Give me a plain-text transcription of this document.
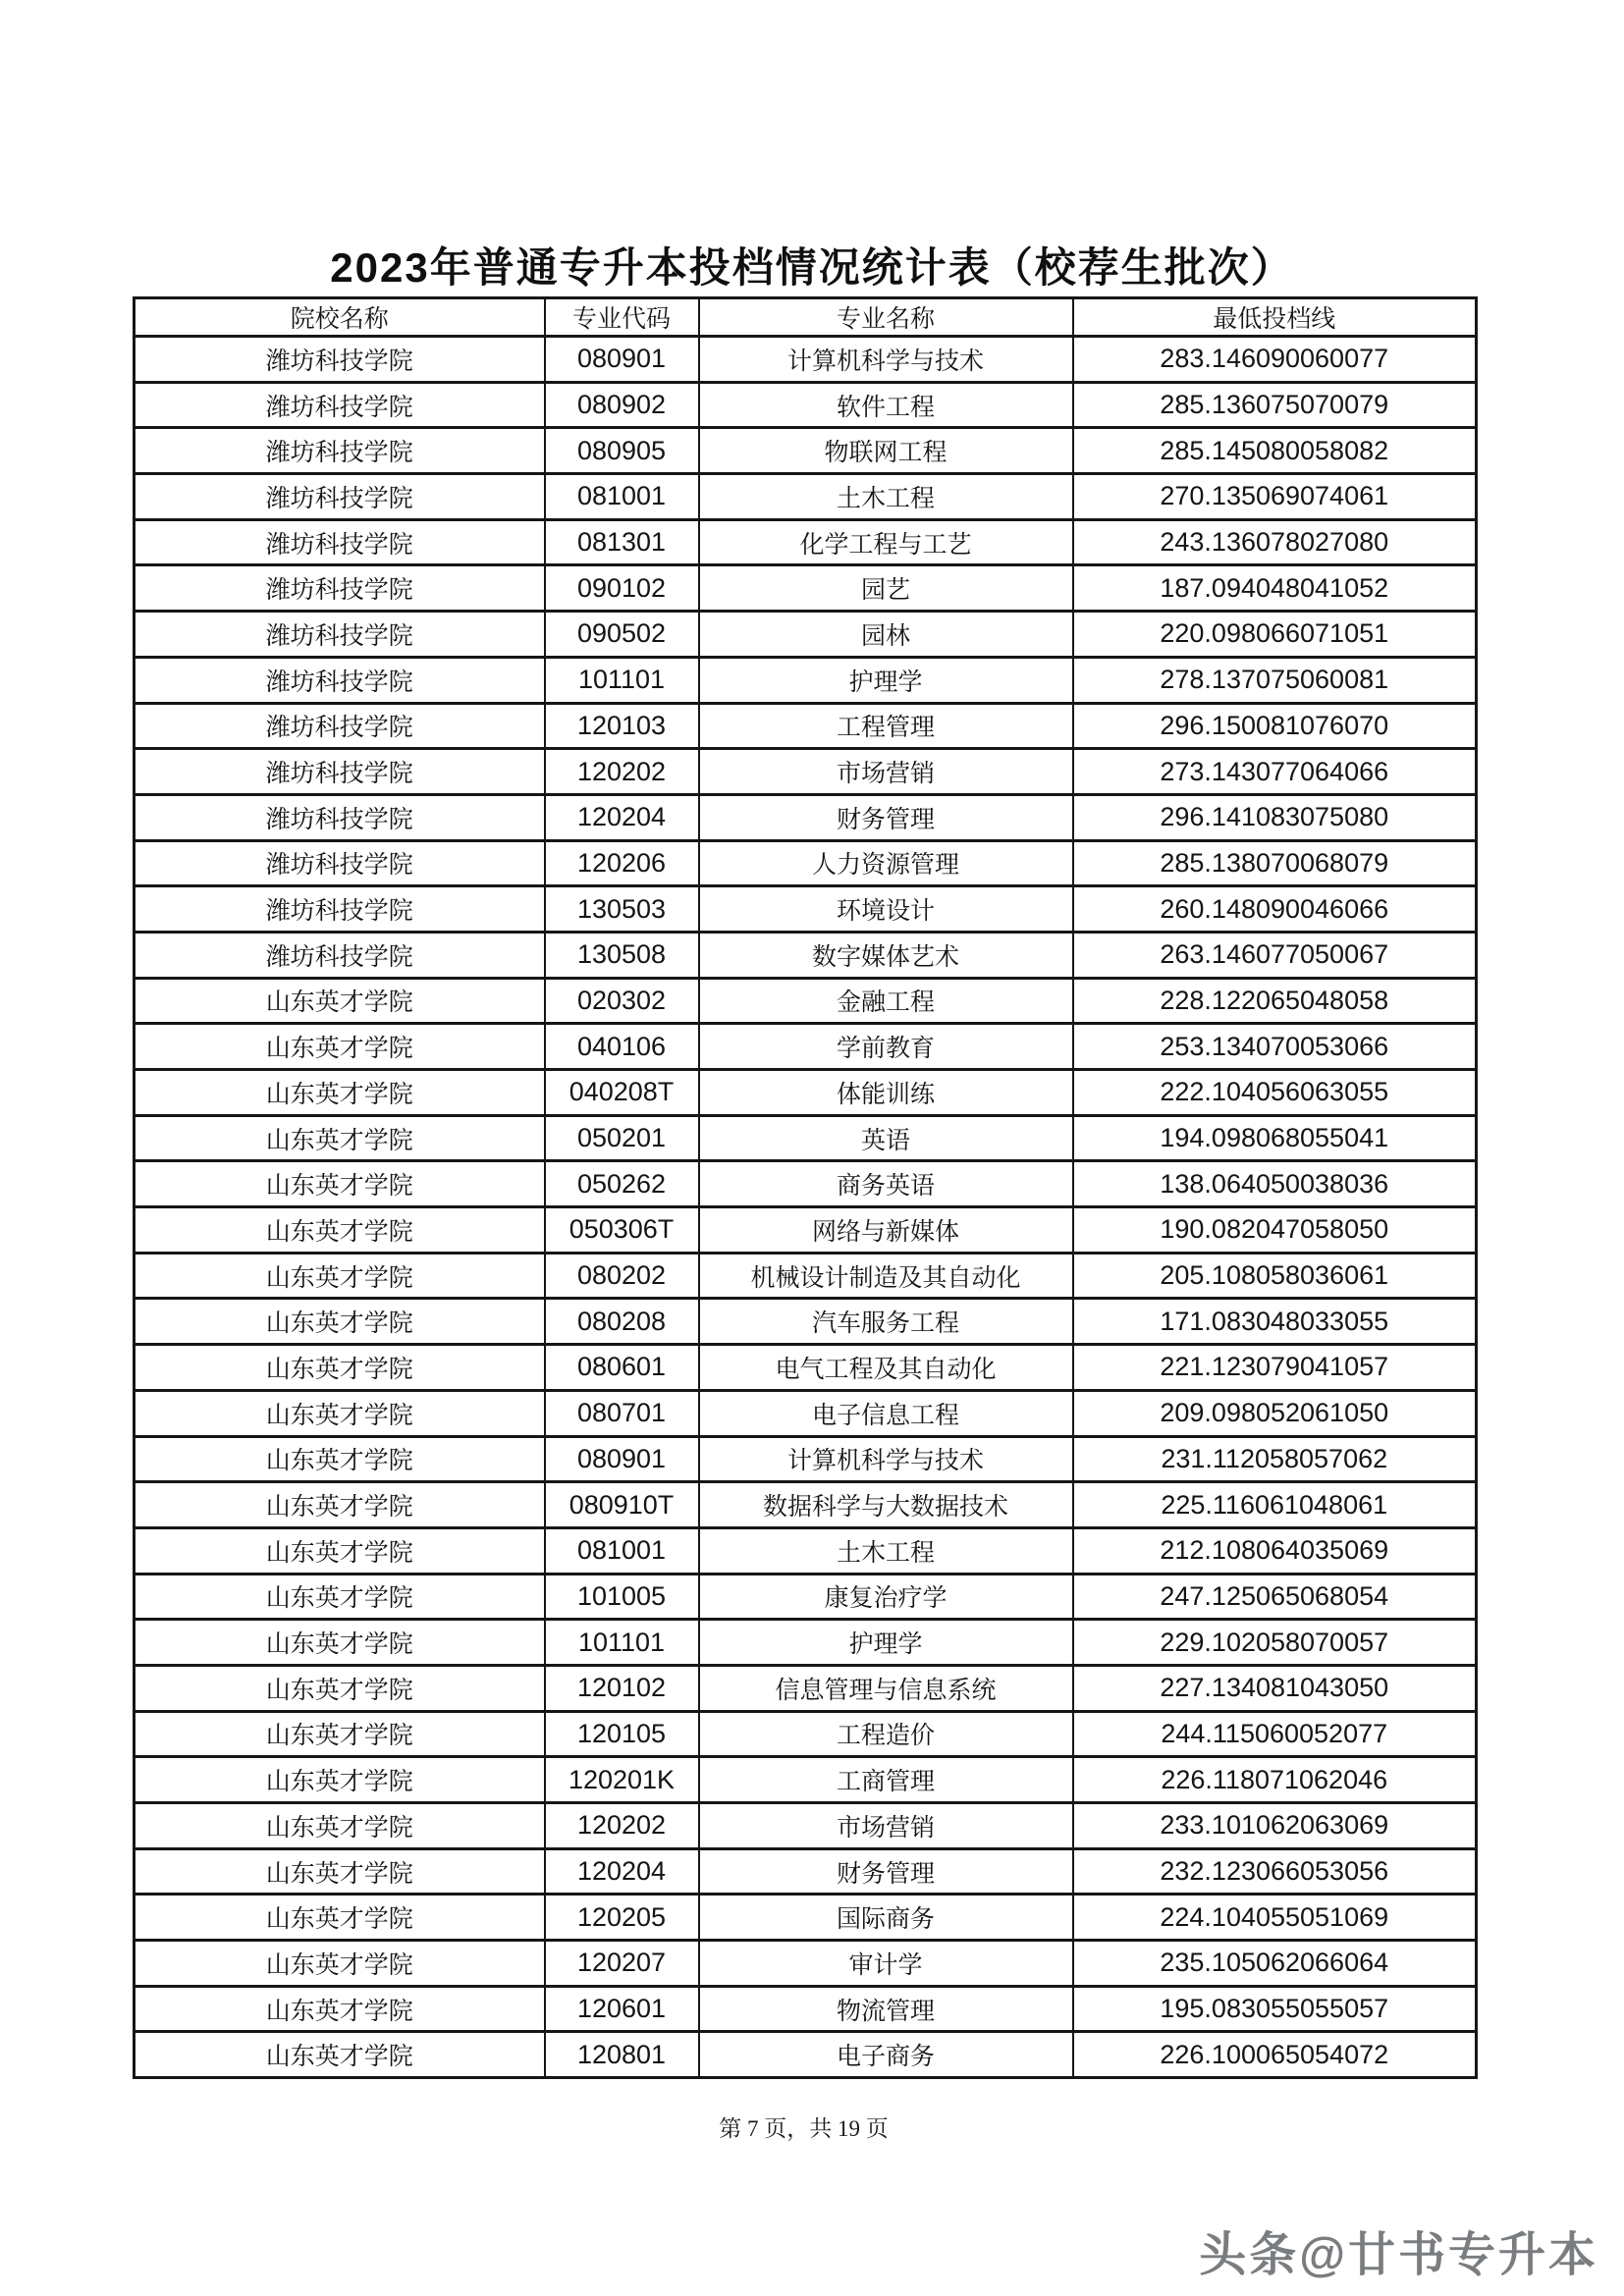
2023年普通专升本投档情况统计表（校荐生批次）
院校名称	专业代码	专业名称	最低投档线
潍坊科技学院	080901	计算机科学与技术	283.146090060077
潍坊科技学院	080902	软件工程	285.136075070079
潍坊科技学院	080905	物联网工程	285.145080058082
潍坊科技学院	081001	土木工程	270.135069074061
潍坊科技学院	081301	化学工程与工艺	243.136078027080
潍坊科技学院	090102	园艺	187.094048041052
潍坊科技学院	090502	园林	220.098066071051
潍坊科技学院	101101	护理学	278.137075060081
潍坊科技学院	120103	工程管理	296.150081076070
潍坊科技学院	120202	市场营销	273.143077064066
潍坊科技学院	120204	财务管理	296.141083075080
潍坊科技学院	120206	人力资源管理	285.138070068079
潍坊科技学院	130503	环境设计	260.148090046066
潍坊科技学院	130508	数字媒体艺术	263.146077050067
山东英才学院	020302	金融工程	228.122065048058
山东英才学院	040106	学前教育	253.134070053066
山东英才学院	040208T	体能训练	222.104056063055
山东英才学院	050201	英语	194.098068055041
山东英才学院	050262	商务英语	138.064050038036
山东英才学院	050306T	网络与新媒体	190.082047058050
山东英才学院	080202	机械设计制造及其自动化	205.108058036061
山东英才学院	080208	汽车服务工程	171.083048033055
山东英才学院	080601	电气工程及其自动化	221.123079041057
山东英才学院	080701	电子信息工程	209.098052061050
山东英才学院	080901	计算机科学与技术	231.112058057062
山东英才学院	080910T	数据科学与大数据技术	225.116061048061
山东英才学院	081001	土木工程	212.108064035069
山东英才学院	101005	康复治疗学	247.125065068054
山东英才学院	101101	护理学	229.102058070057
山东英才学院	120102	信息管理与信息系统	227.134081043050
山东英才学院	120105	工程造价	244.115060052077
山东英才学院	120201K	工商管理	226.118071062046
山东英才学院	120202	市场营销	233.101062063069
山东英才学院	120204	财务管理	232.123066053056
山东英才学院	120205	国际商务	224.104055051069
山东英才学院	120207	审计学	235.105062066064
山东英才学院	120601	物流管理	195.083055055057
山东英才学院	120801	电子商务	226.100065054072
第 7 页，共 19 页
头条@廿书专升本
